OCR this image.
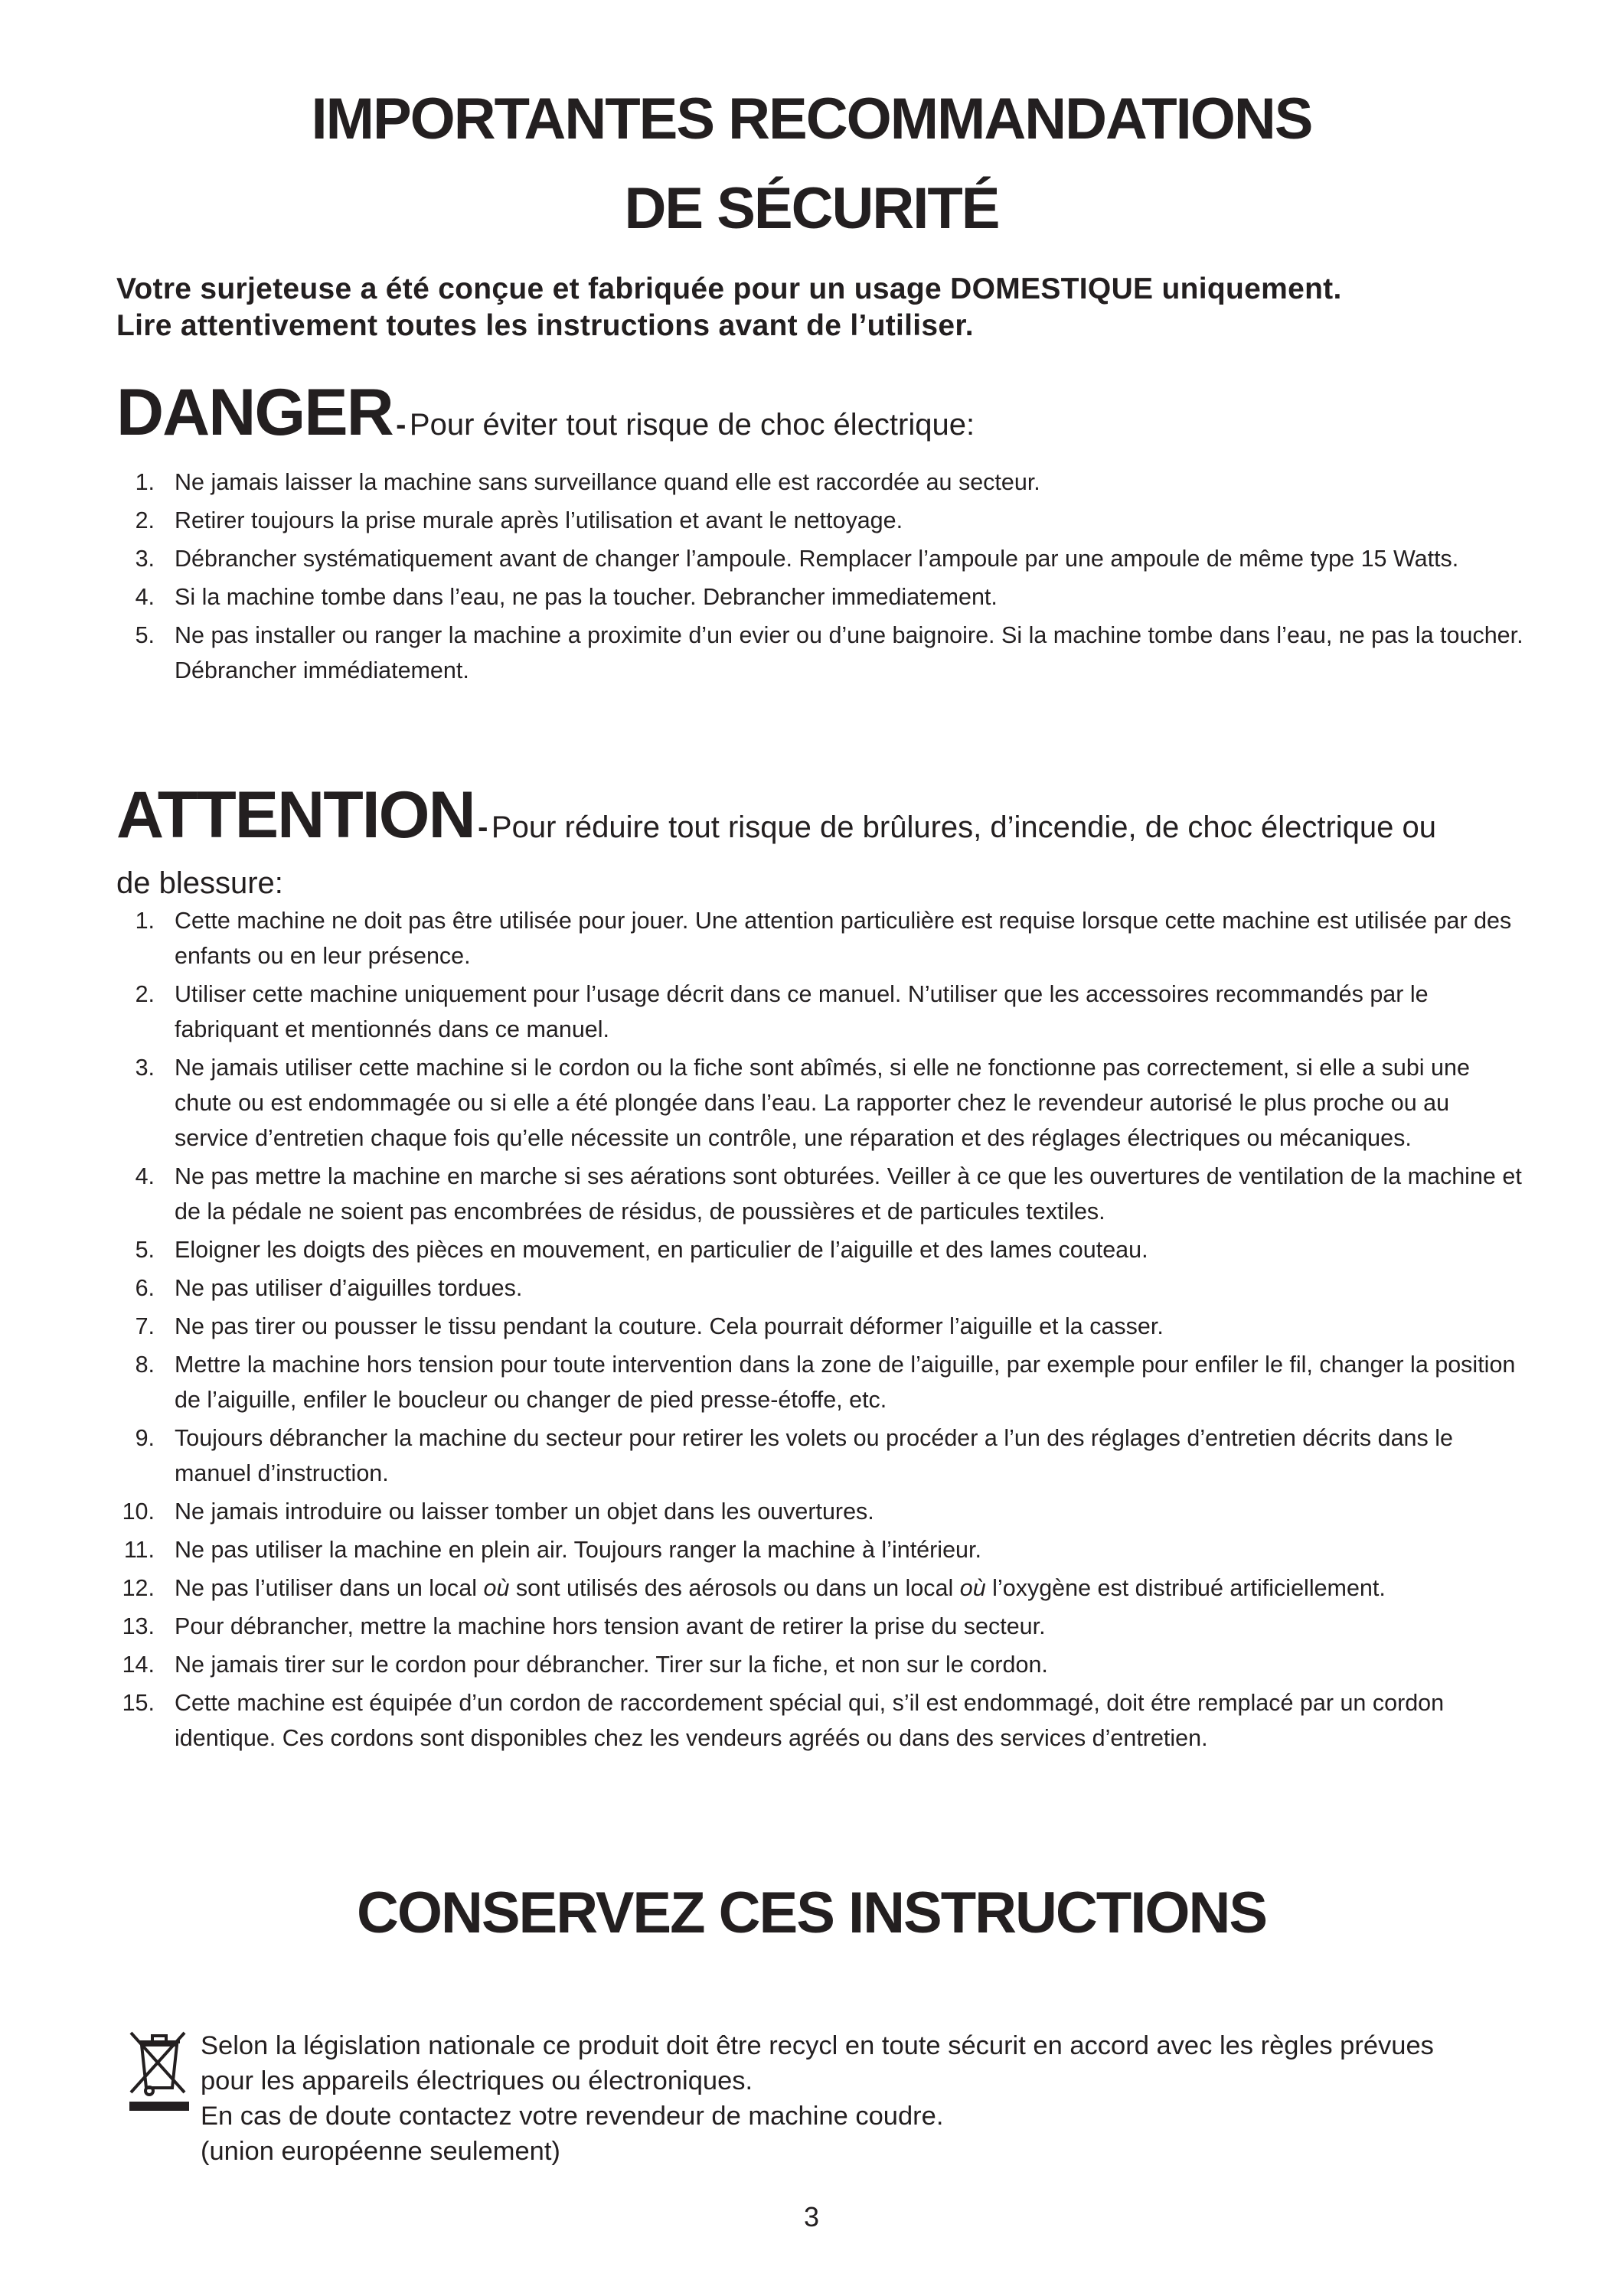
IMPORTANTES RECOMMANDATIONS
DE SÉCURITÉ
Votre surjeteuse a été conçue et fabriquée pour un usage DOMESTIQUE uniquement.
Lire attentivement toutes les instructions avant de l’utiliser.
DANGER - Pour éviter tout risque de choc électrique:
1. Ne jamais laisser la machine sans surveillance quand elle est raccordée au secteur.
2. Retirer toujours la prise murale après l’utilisation et avant le nettoyage.
3. Débrancher systématiquement avant de changer l’ampoule. Remplacer l’ampoule par une ampoule de même type 15 Watts.
4. Si la machine tombe dans l’eau, ne pas la toucher. Debrancher immediatement.
5. Ne pas installer ou ranger la machine a proximite d’un evier ou d’une baignoire. Si la machine tombe dans l’eau, ne pas la toucher. Débrancher immédiatement.
ATTENTION - Pour réduire tout risque de brûlures, d’incendie, de choc électrique ou
de blessure:
1. Cette machine ne doit pas être utilisée pour jouer. Une attention particulière est requise lorsque cette machine est utilisée par des enfants ou en leur présence.
2. Utiliser cette machine uniquement pour l’usage décrit dans ce manuel. N’utiliser que les accessoires recommandés par le fabriquant et mentionnés dans ce manuel.
3. Ne jamais utiliser cette machine si le cordon ou la fiche sont abîmés, si elle ne fonctionne pas correctement, si elle a subi une chute ou est endommagée ou si elle a été plongée dans l’eau. La rapporter chez le revendeur autorisé le plus proche ou au service d’entretien chaque fois qu’elle nécessite un contrôle, une réparation et des réglages électriques ou mécaniques.
4. Ne pas mettre la machine en marche si ses aérations sont obturées. Veiller à ce que les ouvertures de ventilation de la machine et de la pédale ne soient pas encombrées de résidus, de poussières et de particules textiles.
5. Eloigner les doigts des pièces en mouvement, en particulier de l’aiguille et des lames couteau.
6. Ne pas utiliser d’aiguilles tordues.
7. Ne pas tirer ou pousser le tissu pendant la couture. Cela pourrait déformer l’aiguille et la casser.
8. Mettre la machine hors tension pour toute intervention dans la zone de l’aiguille, par exemple pour enfiler le fil, changer la position de l’aiguille, enfiler le boucleur ou changer de pied presse-étoffe, etc.
9. Toujours débrancher la machine du secteur pour retirer les volets ou procéder a l’un des réglages d’entretien décrits dans le manuel d’instruction.
10. Ne jamais introduire ou laisser tomber un objet dans les ouvertures.
11. Ne pas utiliser la machine en plein air. Toujours ranger la machine à l’intérieur.
12. Ne pas l’utiliser dans un local où sont utilisés des aérosols ou dans un local où l’oxygène est distribué artificiellement.
13. Pour débrancher, mettre la machine hors tension avant de retirer la prise du secteur.
14. Ne jamais tirer sur le cordon pour débrancher. Tirer sur la fiche, et non sur le cordon.
15. Cette machine est équipée d’un cordon de raccordement spécial qui, s’il est endommagé, doit étre remplacé par un cordon identique. Ces cordons sont disponibles chez les vendeurs agréés ou dans des services d’entretien.
CONSERVEZ CES INSTRUCTIONS
Selon la législation nationale ce produit doit être recycl en toute sécurit en accord avec les règles prévues
pour les appareils électriques ou électroniques.
En cas de doute contactez votre revendeur de machine coudre.
(union européenne seulement)
3
